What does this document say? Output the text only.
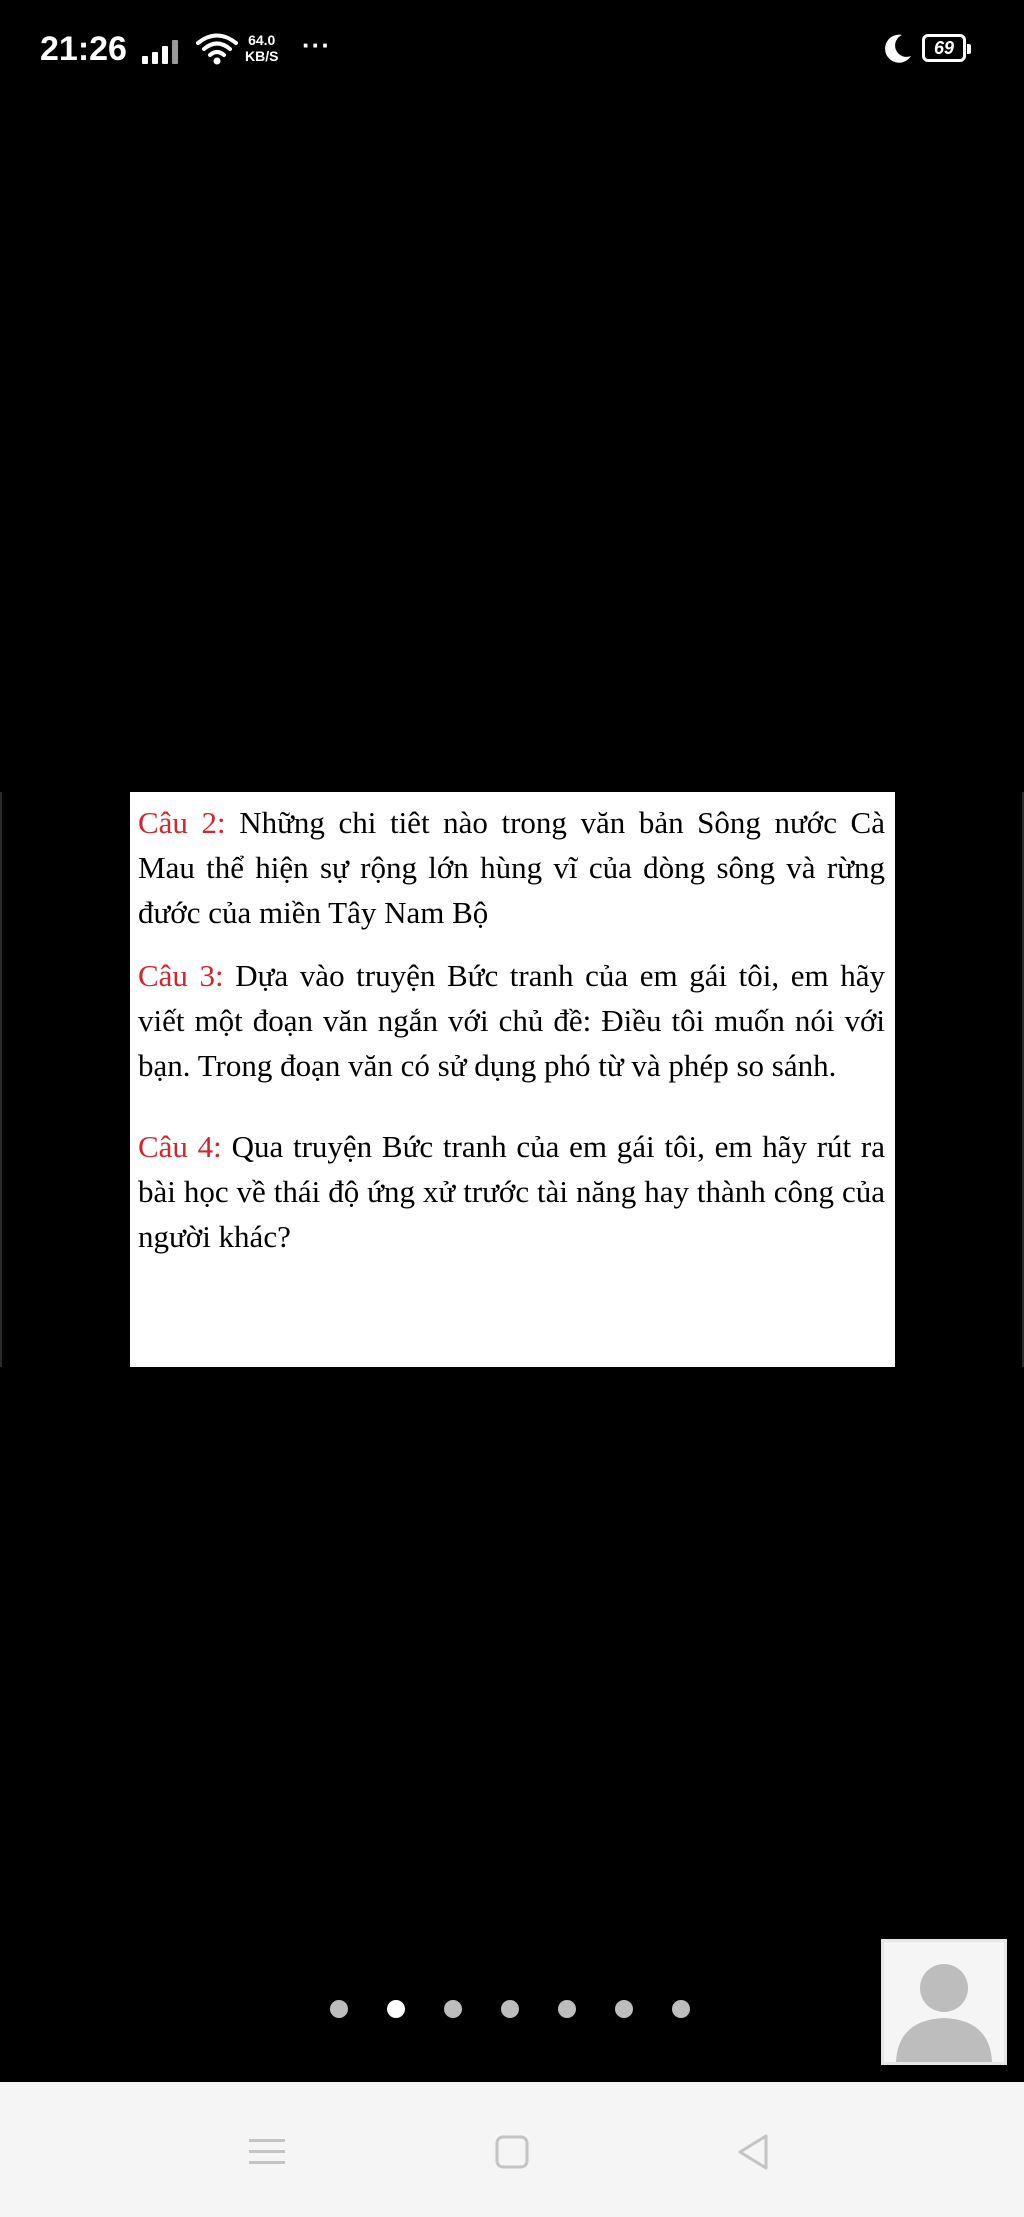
21:26	64.0
KB/S ···	69

Câu 2: Những chi tiêt nào trong văn bản Sông nước Cà Mau thể hiện sự rộng lớn hùng vĩ của dòng sông và rừng đước của miền Tây Nam Bộ

Câu 3: Dựa vào truyện Bức tranh của em gái tôi, em hãy viết một đoạn văn ngắn với chủ đề: Điều tôi muốn nói với bạn. Trong đoạn văn có sử dụng phó từ và phép so sánh.

Câu 4: Qua truyện Bức tranh của em gái tôi, em hãy rút ra bài học về thái độ ứng xử trước tài năng hay thành công của người khác?
